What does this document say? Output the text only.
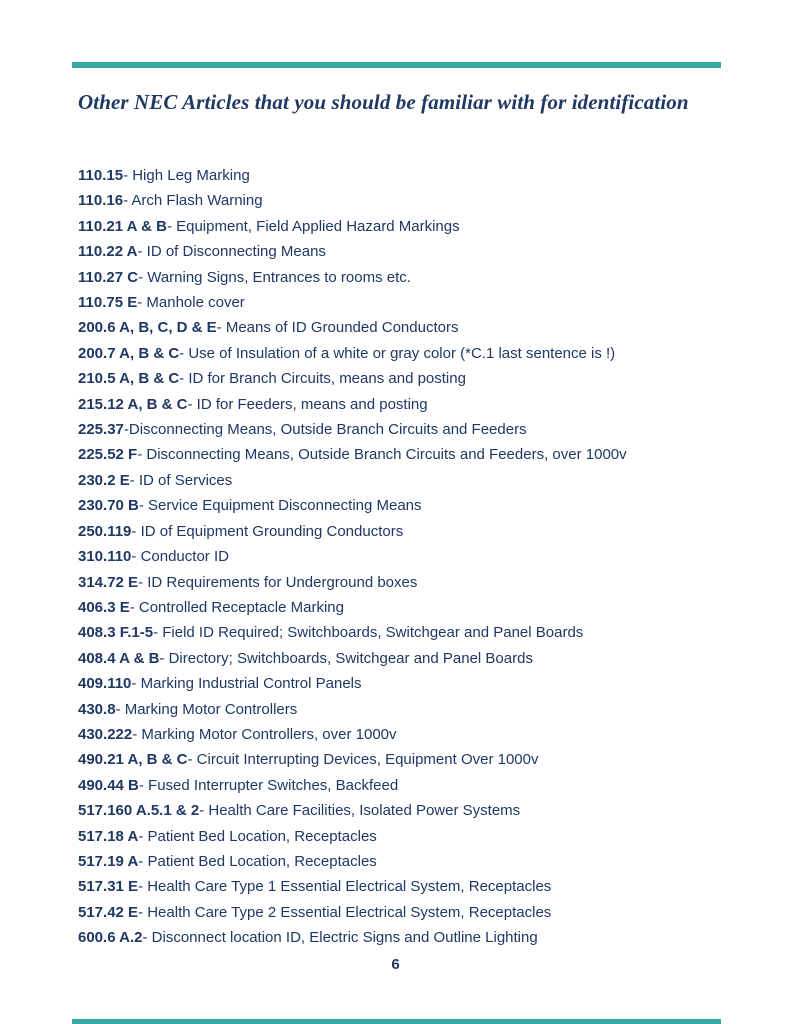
Other NEC Articles that you should be familiar with for identification
110.15- High Leg Marking
110.16- Arch Flash Warning
110.21 A & B- Equipment, Field Applied Hazard Markings
110.22 A- ID of Disconnecting Means
110.27 C- Warning Signs, Entrances to rooms etc.
110.75 E- Manhole cover
200.6 A, B, C, D & E- Means of ID Grounded Conductors
200.7 A, B & C- Use of Insulation of a white or gray color (*C.1 last sentence is !)
210.5 A, B & C- ID for Branch Circuits, means and posting
215.12 A, B & C- ID for Feeders, means and posting
225.37-Disconnecting Means, Outside Branch Circuits and Feeders
225.52 F- Disconnecting Means, Outside Branch Circuits and Feeders, over 1000v
230.2 E- ID of Services
230.70 B- Service Equipment Disconnecting Means
250.119- ID of Equipment Grounding Conductors
310.110- Conductor ID
314.72 E- ID Requirements for Underground boxes
406.3 E- Controlled Receptacle Marking
408.3 F.1-5- Field ID Required; Switchboards, Switchgear and Panel Boards
408.4 A & B- Directory; Switchboards, Switchgear and Panel Boards
409.110- Marking Industrial Control Panels
430.8- Marking Motor Controllers
430.222- Marking Motor Controllers, over 1000v
490.21 A, B & C- Circuit Interrupting Devices, Equipment Over 1000v
490.44 B- Fused Interrupter Switches, Backfeed
517.160 A.5.1 & 2- Health Care Facilities, Isolated Power Systems
517.18 A- Patient Bed Location, Receptacles
517.19 A- Patient Bed Location, Receptacles
517.31 E- Health Care Type 1 Essential Electrical System, Receptacles
517.42 E- Health Care Type 2 Essential Electrical System, Receptacles
600.6 A.2- Disconnect location ID, Electric Signs and Outline Lighting
6
